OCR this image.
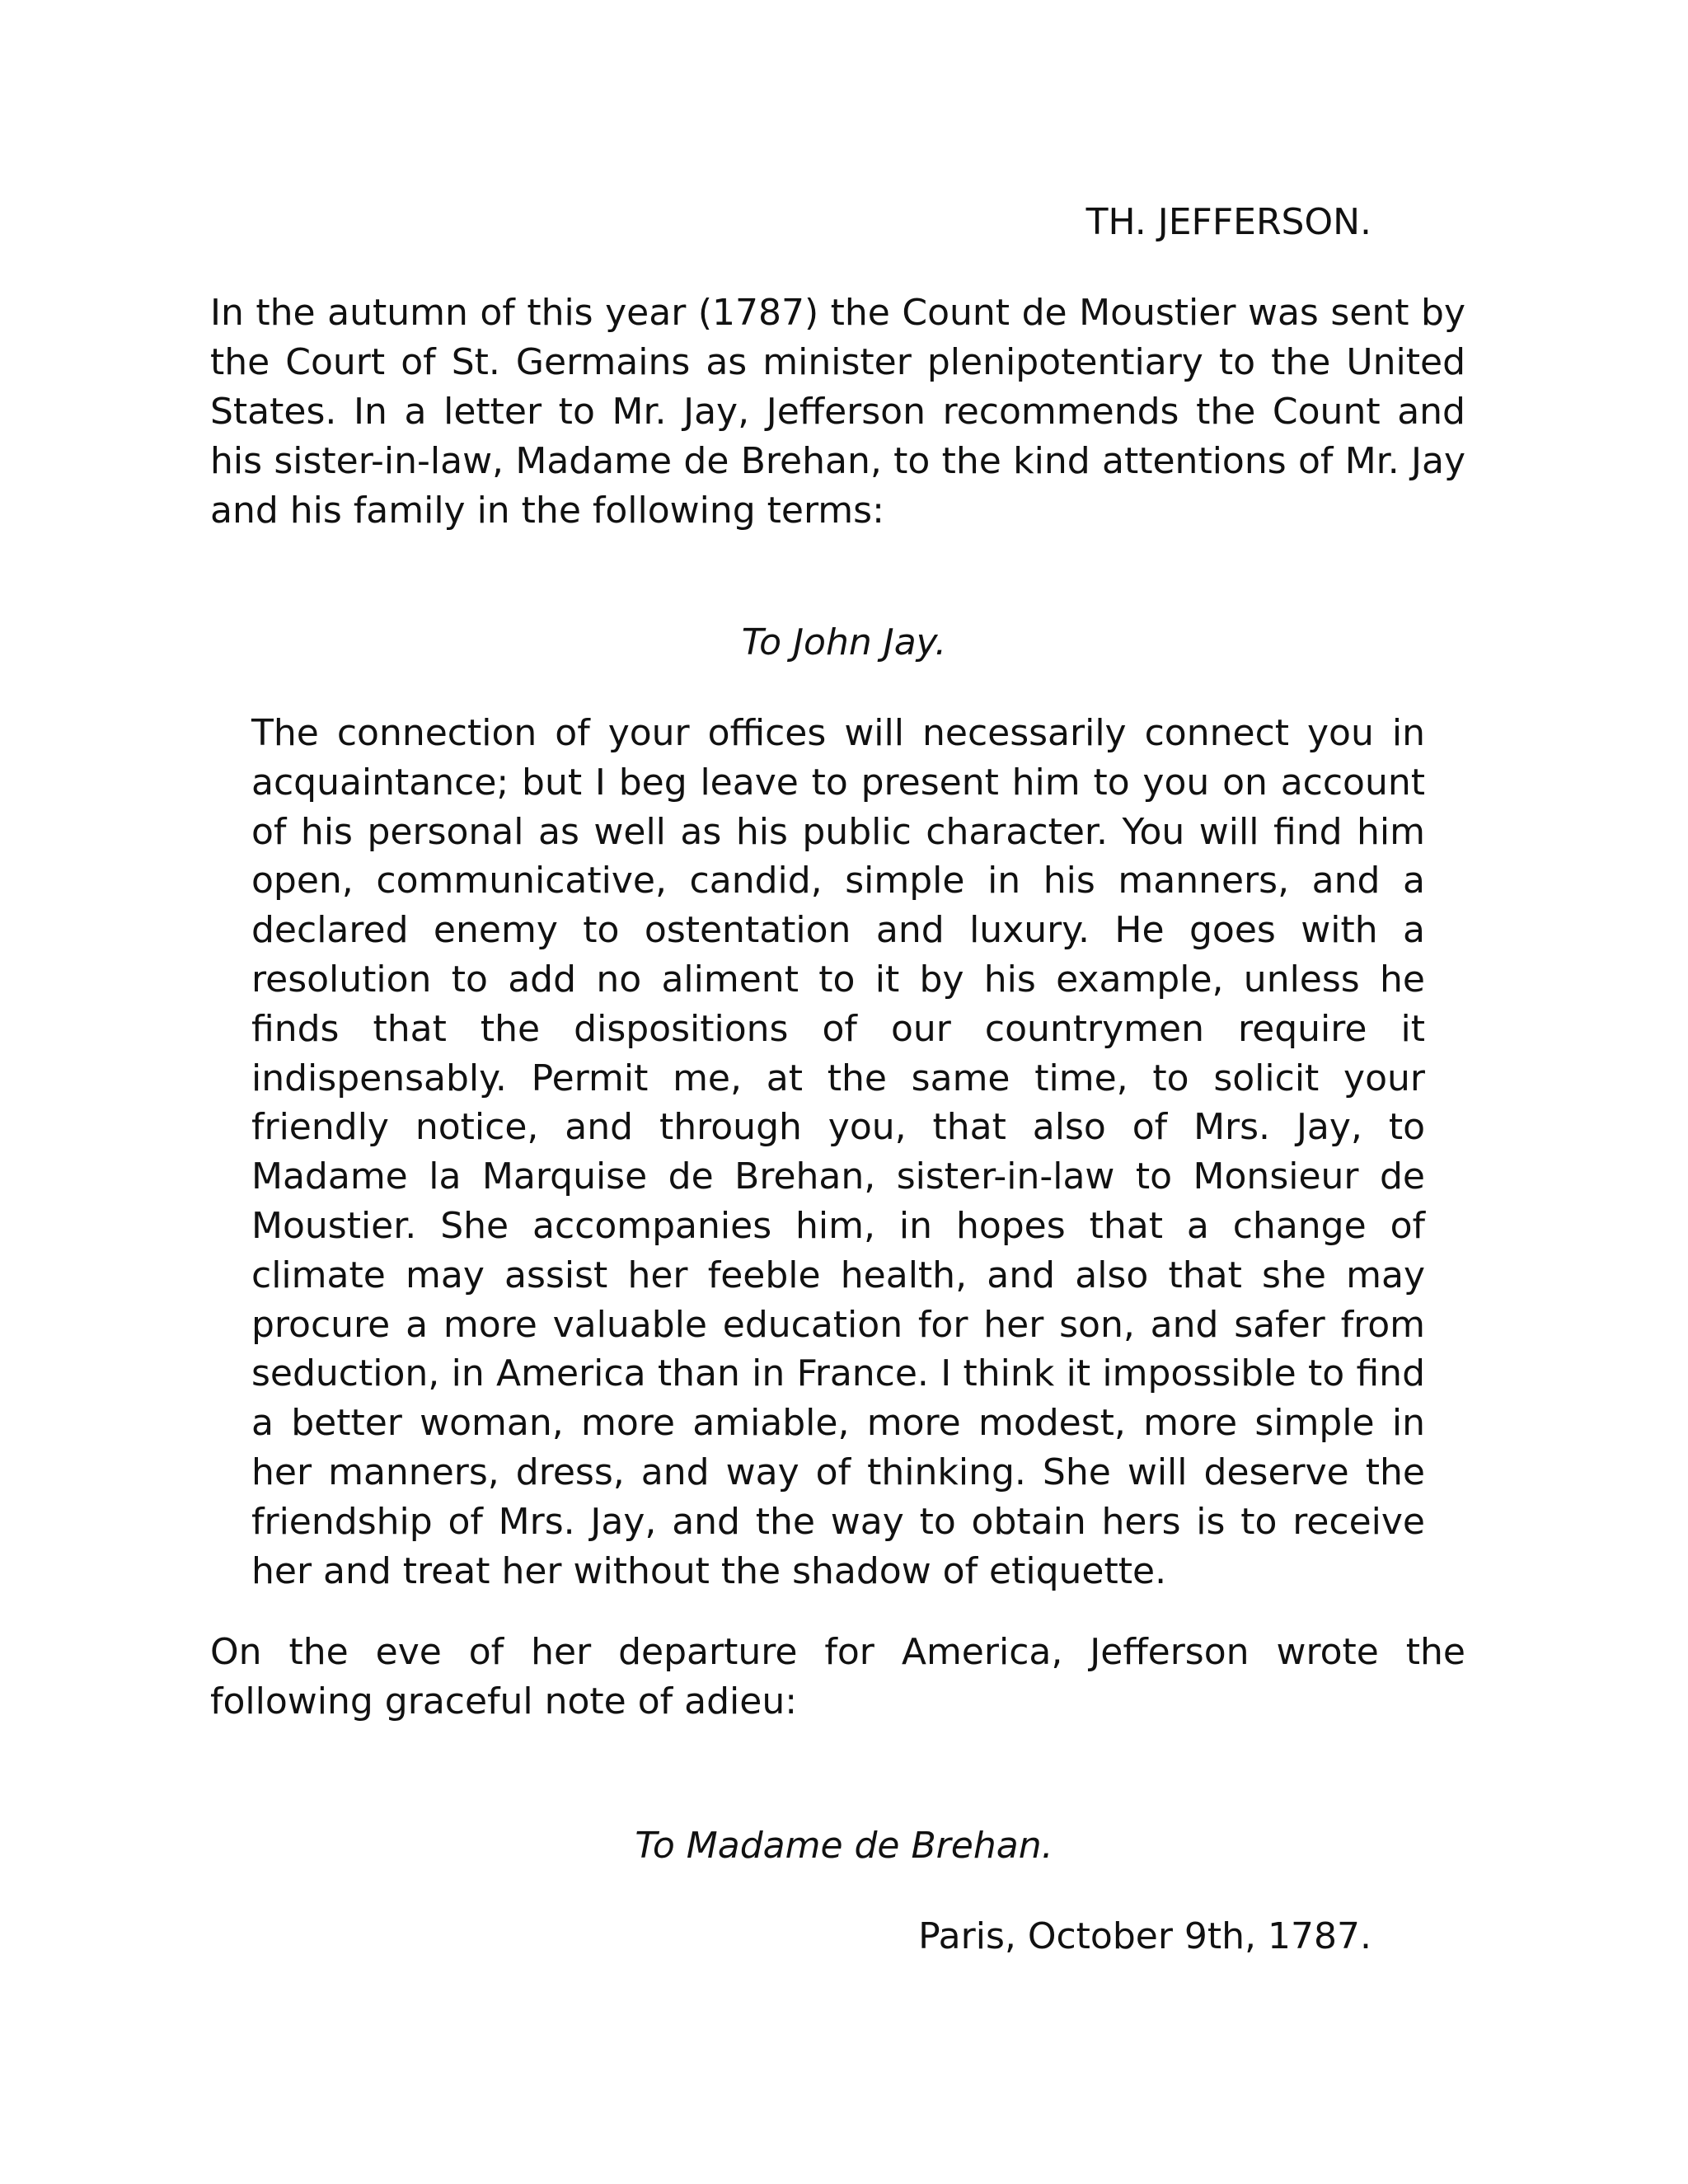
TH. JEFFERSON.

In the autumn of this year (1787) the Count de Moustier was sent by the Court of St. Germains as minister plenipotentiary to the United States. In a letter to Mr. Jay, Jefferson recommends the Count and his sister-in-law, Madame de Brehan, to the kind attentions of Mr. Jay and his family in the following terms:

To John Jay.

The connection of your offices will necessarily connect you in acquaintance; but I beg leave to present him to you on account of his personal as well as his public character. You will find him open, communicative, candid, simple in his manners, and a declared enemy to ostentation and luxury. He goes with a resolution to add no aliment to it by his example, unless he finds that the dispositions of our countrymen require it indispensably. Permit me, at the same time, to solicit your friendly notice, and through you, that also of Mrs. Jay, to Madame la Marquise de Brehan, sister-in-law to Monsieur de Moustier. She accompanies him, in hopes that a change of climate may assist her feeble health, and also that she may procure a more valuable education for her son, and safer from seduction, in America than in France. I think it impossible to find a better woman, more amiable, more modest, more simple in her manners, dress, and way of thinking. She will deserve the friendship of Mrs. Jay, and the way to obtain hers is to receive her and treat her without the shadow of etiquette.

On the eve of her departure for America, Jefferson wrote the following graceful note of adieu:

To Madame de Brehan.

Paris, October 9th, 1787.
